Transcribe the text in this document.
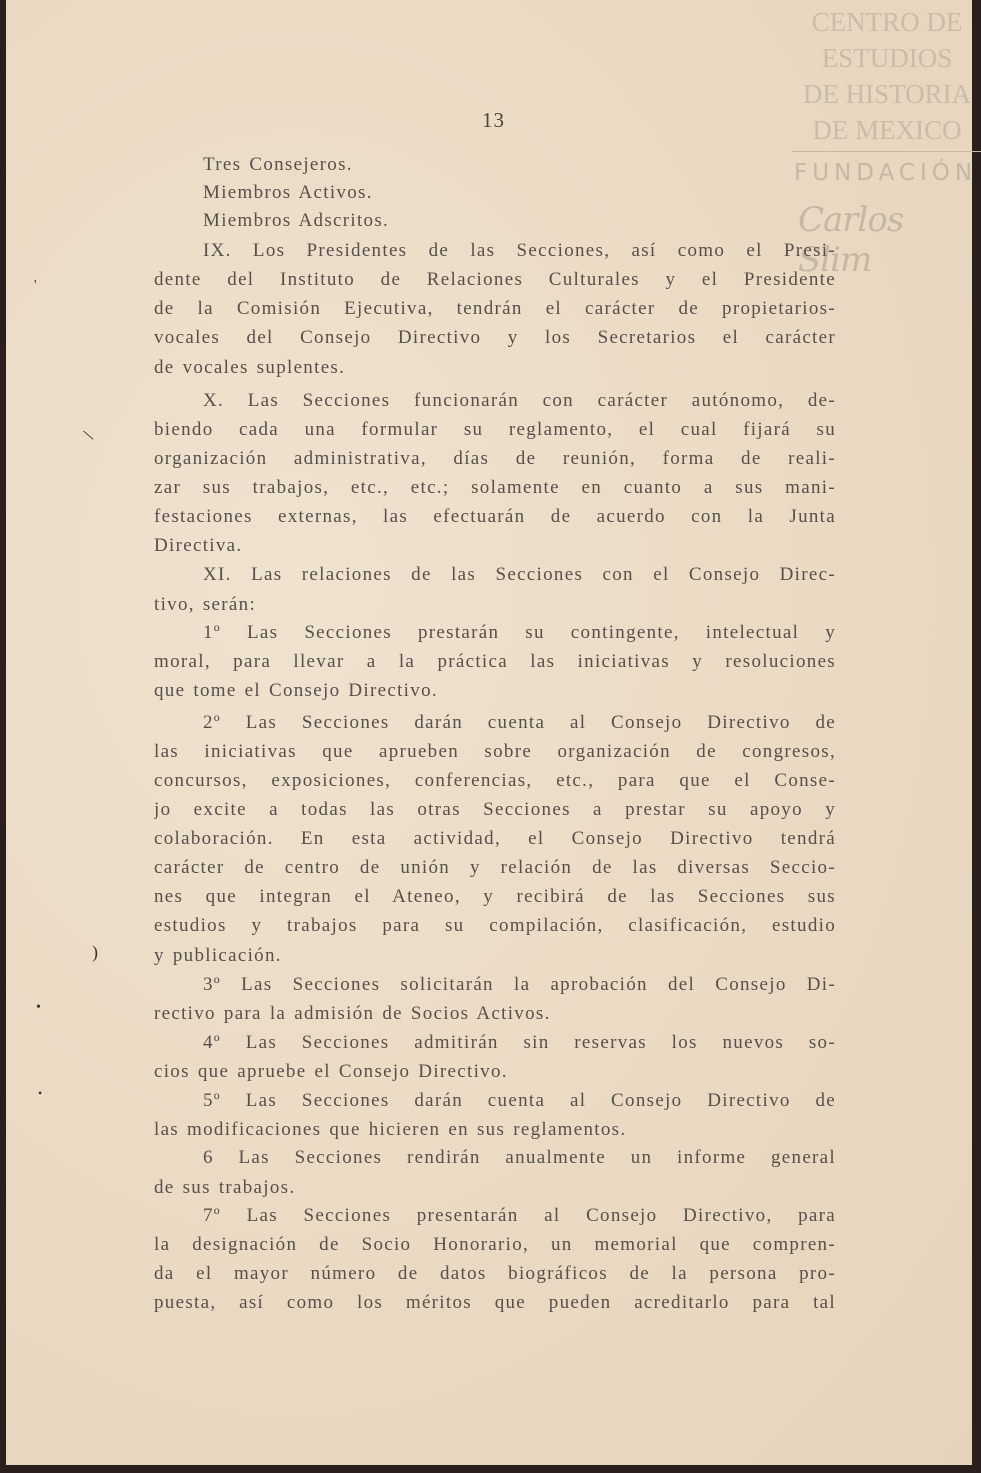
CENTRO DE
ESTUDIOS
DE HISTORIA
DE MEXICO
FUNDACIÓN
Carlos Slim
13
Tres Consejeros.
Miembros Activos.
Miembros Adscritos.
IX. Los Presidentes de las Secciones, así como el Presi-
dente del Instituto de Relaciones Culturales y el Presidente
de la Comisión Ejecutiva, tendrán el carácter de propietarios-
vocales del Consejo Directivo y los Secretarios el carácter
de vocales suplentes.
X. Las Secciones funcionarán con carácter autónomo, de-
biendo cada una formular su reglamento, el cual fijará su
organización administrativa, días de reunión, forma de reali-
zar sus trabajos, etc., etc.; solamente en cuanto a sus mani-
festaciones externas, las efectuarán de acuerdo con la Junta
Directiva.
XI. Las relaciones de las Secciones con el Consejo Direc-
tivo, serán:
1º Las Secciones prestarán su contingente, intelectual y
moral, para llevar a la práctica las iniciativas y resoluciones
que tome el Consejo Directivo.
2º Las Secciones darán cuenta al Consejo Directivo de
las iniciativas que aprueben sobre organización de congresos,
concursos, exposiciones, conferencias, etc., para que el Conse-
jo excite a todas las otras Secciones a prestar su apoyo y
colaboración. En esta actividad, el Consejo Directivo tendrá
carácter de centro de unión y relación de las diversas Seccio-
nes que integran el Ateneo, y recibirá de las Secciones sus
estudios y trabajos para su compilación, clasificación, estudio
y publicación.
3º Las Secciones solicitarán la aprobación del Consejo Di-
rectivo para la admisión de Socios Activos.
4º Las Secciones admitirán sin reservas los nuevos so-
cios que apruebe el Consejo Directivo.
5º Las Secciones darán cuenta al Consejo Directivo de
las modificaciones que hicieren en sus reglamentos.
6 Las Secciones rendirán anualmente un informe general
de sus trabajos.
7º Las Secciones presentarán al Consejo Directivo, para
la designación de Socio Honorario, un memorial que compren-
da el mayor número de datos biográficos de la persona pro-
puesta, así como los méritos que pueden acreditarlo para tal
'
\
)
•
•
